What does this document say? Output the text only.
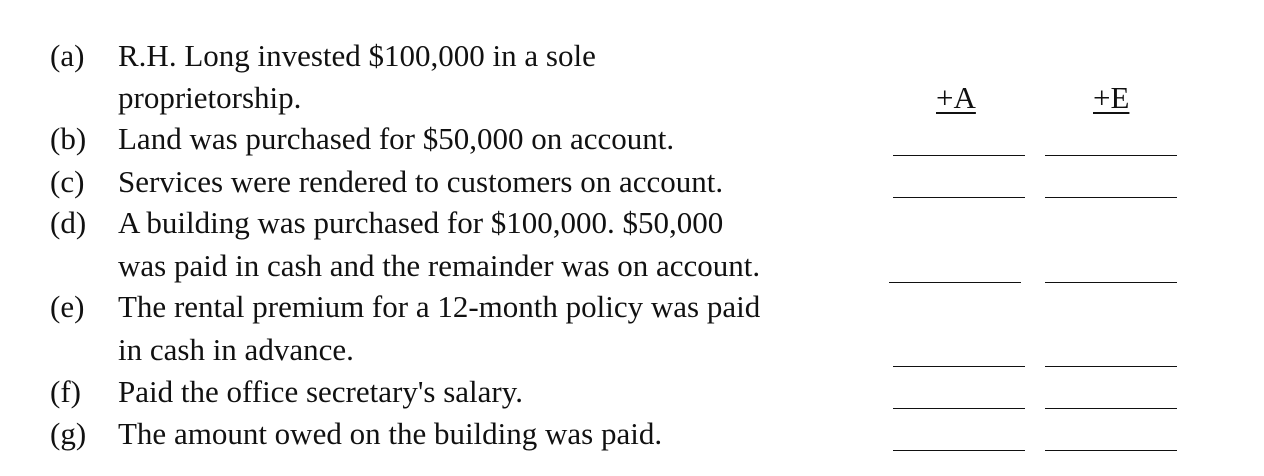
+A	+E
(a) R.H. Long invested $100,000 in a sole
proprietorship.
(b) Land was purchased for $50,000 on account.
(c) Services were rendered to customers on account.
(d) A building was purchased for $100,000. $50,000
was paid in cash and the remainder was on account.
(e) The rental premium for a 12-month policy was paid
in cash in advance.
(f) Paid the office secretary's salary.
(g) The amount owed on the building was paid.
